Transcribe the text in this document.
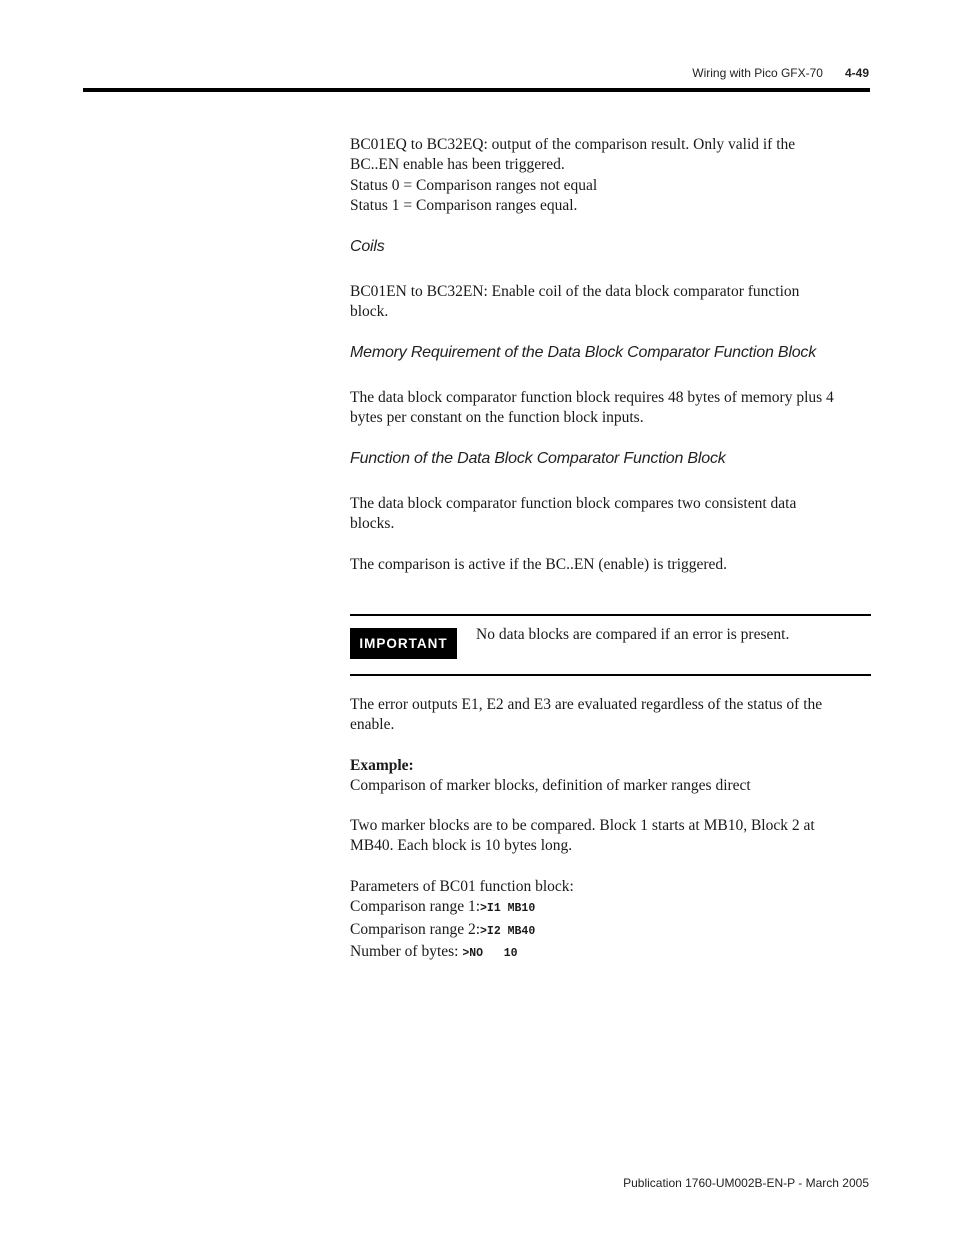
Wiring with Pico GFX-70 4-49
BC01EQ to BC32EQ: output of the comparison result. Only valid if the
BC..EN enable has been triggered.
Status 0 = Comparison ranges not equal
Status 1 = Comparison ranges equal.
Coils
BC01EN to BC32EN: Enable coil of the data block comparator function
block.
Memory Requirement of the Data Block Comparator Function Block
The data block comparator function block requires 48 bytes of memory plus 4
bytes per constant on the function block inputs.
Function of the Data Block Comparator Function Block
The data block comparator function block compares two consistent data
blocks.
The comparison is active if the BC..EN (enable) is triggered.
IMPORTANT
No data blocks are compared if an error is present.
The error outputs E1, E2 and E3 are evaluated regardless of the status of the
enable.
Example:
Comparison of marker blocks, definition of marker ranges direct
Two marker blocks are to be compared. Block 1 starts at MB10, Block 2 at
MB40. Each block is 10 bytes long.
Parameters of BC01 function block:
Comparison range 1:>I1 MB10
Comparison range 2:>I2 MB40
Number of bytes: >NO   10
Publication 1760-UM002B-EN-P - March 2005
